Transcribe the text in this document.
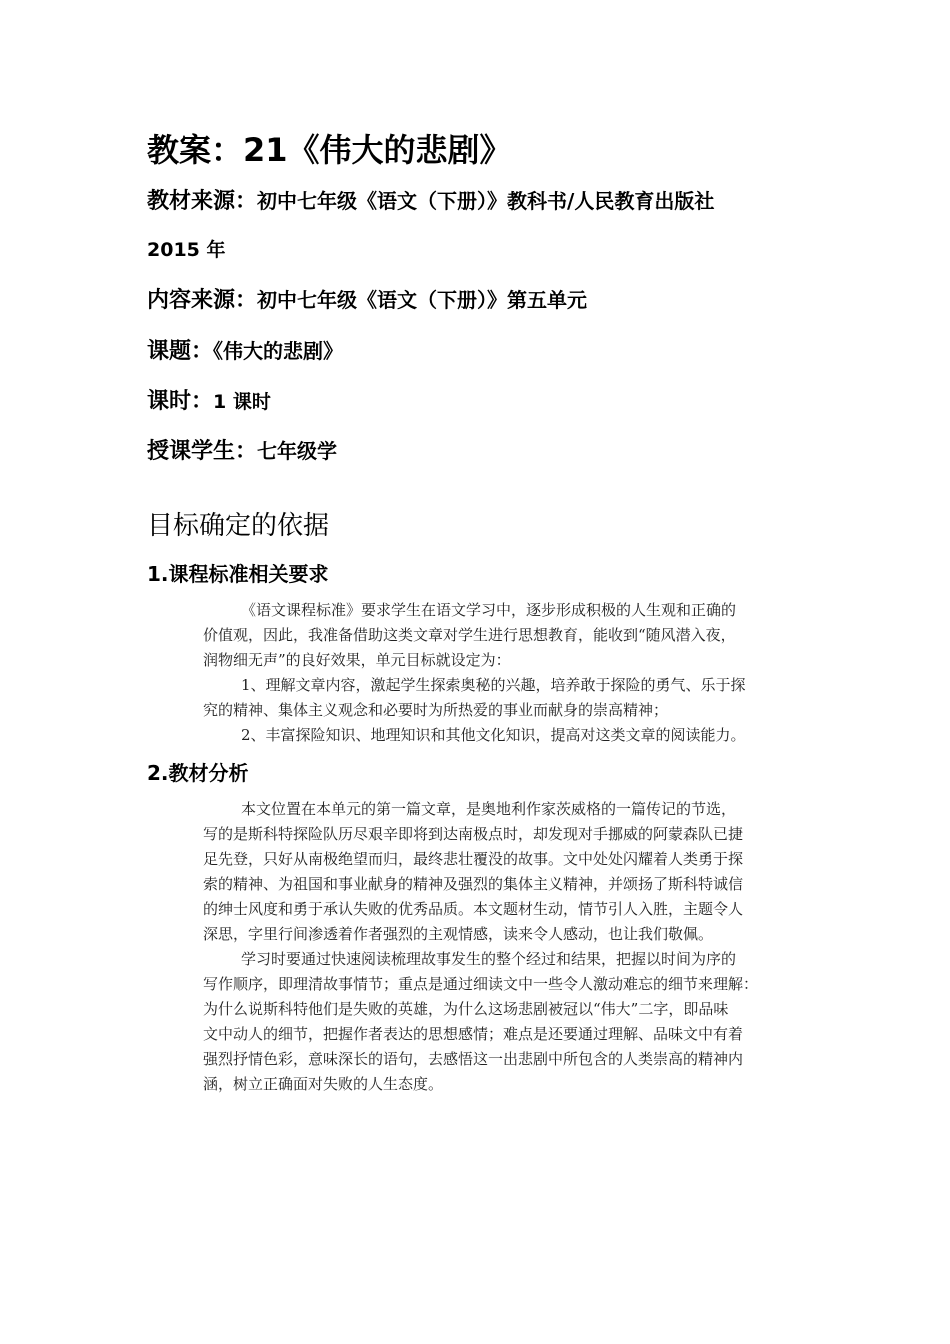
教案：21《伟大的悲剧》
教材来源：初中七年级《语文（下册）》教科书/人民教育出版社
2015 年
内容来源：初中七年级《语文（下册）》第五单元
课题：《伟大的悲剧》
课时：1 课时
授课学生：七年级学
目标确定的依据
1.课程标准相关要求
《语文课程标准》要求学生在语文学习中，逐步形成积极的人生观和正确的
价值观，因此，我准备借助这类文章对学生进行思想教育，能收到“随风潜入夜，
润物细无声”的良好效果，单元目标就设定为：
1、理解文章内容，激起学生探索奥秘的兴趣，培养敢于探险的勇气、乐于探
究的精神、集体主义观念和必要时为所热爱的事业而献身的崇高精神；
2、丰富探险知识、地理知识和其他文化知识，提高对这类文章的阅读能力。
2.教材分析
本文位置在本单元的第一篇文章，是奥地利作家茨威格的一篇传记的节选，
写的是斯科特探险队历尽艰辛即将到达南极点时，却发现对手挪威的阿蒙森队已捷
足先登，只好从南极绝望而归，最终悲壮覆没的故事。文中处处闪耀着人类勇于探
索的精神、为祖国和事业献身的精神及强烈的集体主义精神，并颂扬了斯科特诚信
的绅士风度和勇于承认失败的优秀品质。本文题材生动，情节引人入胜，主题令人
深思，字里行间渗透着作者强烈的主观情感，读来令人感动，也让我们敬佩。
学习时要通过快速阅读梳理故事发生的整个经过和结果，把握以时间为序的
写作顺序，即理清故事情节；重点是通过细读文中一些令人激动难忘的细节来理解：
为什么说斯科特他们是失败的英雄，为什么这场悲剧被冠以“伟大”二字，即品味
文中动人的细节，把握作者表达的思想感情；难点是还要通过理解、品味文中有着
强烈抒情色彩，意味深长的语句，去感悟这一出悲剧中所包含的人类崇高的精神内
涵，树立正确面对失败的人生态度。
